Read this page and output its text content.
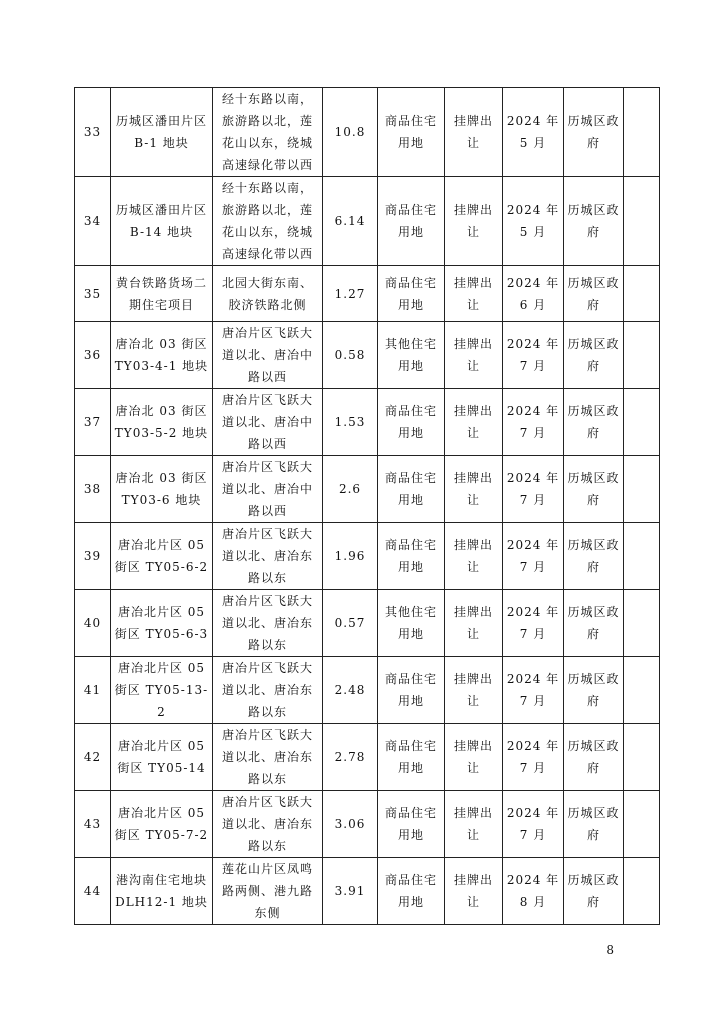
33	历城区潘田片区B-1 地块	经十东路以南，旅游路以北，莲花山以东，绕城高速绿化带以西	10.8	商品住宅用地	挂牌出让	2024 年5 月	历城区政府	
34	历城区潘田片区B-14 地块	经十东路以南，旅游路以北，莲花山以东，绕城高速绿化带以西	6.14	商品住宅用地	挂牌出让	2024 年5 月	历城区政府	
35	黄台铁路货场二期住宅项目	北园大街东南、胶济铁路北侧	1.27	商品住宅用地	挂牌出让	2024 年6 月	历城区政府	
36	唐冶北 03 街区TY03-4-1 地块	唐冶片区飞跃大道以北、唐冶中路以西	0.58	其他住宅用地	挂牌出让	2024 年7 月	历城区政府	
37	唐冶北 03 街区TY03-5-2 地块	唐冶片区飞跃大道以北、唐冶中路以西	1.53	商品住宅用地	挂牌出让	2024 年7 月	历城区政府	
38	唐冶北 03 街区TY03-6 地块	唐冶片区飞跃大道以北、唐冶中路以西	2.6	商品住宅用地	挂牌出让	2024 年7 月	历城区政府	
39	唐冶北片区 05街区 TY05-6-2	唐冶片区飞跃大道以北、唐冶东路以东	1.96	商品住宅用地	挂牌出让	2024 年7 月	历城区政府	
40	唐冶北片区 05街区 TY05-6-3	唐冶片区飞跃大道以北、唐冶东路以东	0.57	其他住宅用地	挂牌出让	2024 年7 月	历城区政府	
41	唐冶北片区 05街区 TY05-13-2	唐冶片区飞跃大道以北、唐冶东路以东	2.48	商品住宅用地	挂牌出让	2024 年7 月	历城区政府	
42	唐冶北片区 05街区 TY05-14	唐冶片区飞跃大道以北、唐冶东路以东	2.78	商品住宅用地	挂牌出让	2024 年7 月	历城区政府	
43	唐冶北片区 05街区 TY05-7-2	唐冶片区飞跃大道以北、唐冶东路以东	3.06	商品住宅用地	挂牌出让	2024 年7 月	历城区政府	
44	港沟南住宅地块DLH12-1 地块	莲花山片区凤鸣路两侧、港九路东侧	3.91	商品住宅用地	挂牌出让	2024 年8 月	历城区政府	
8
